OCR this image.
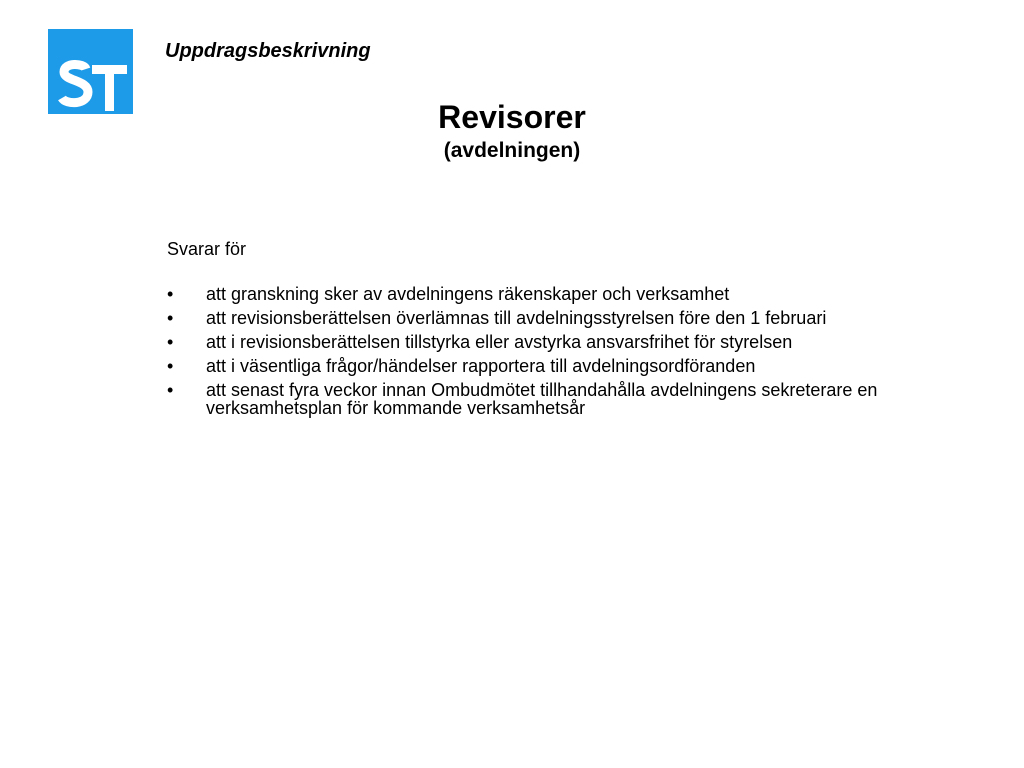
Uppdragsbeskrivning
Revisorer
(avdelningen)
Svarar för
•	att granskning sker av avdelningens räkenskaper och verksamhet
•	att revisionsberättelsen överlämnas till avdelningsstyrelsen före den 1 februari
•	att i revisionsberättelsen tillstyrka eller avstyrka ansvarsfrihet för styrelsen
•	att i väsentliga frågor/händelser rapportera till avdelningsordföranden
•	att senast fyra veckor innan Ombudmötet tillhandahålla avdelningens sekreterare en verksamhetsplan för kommande verksamhetsår
